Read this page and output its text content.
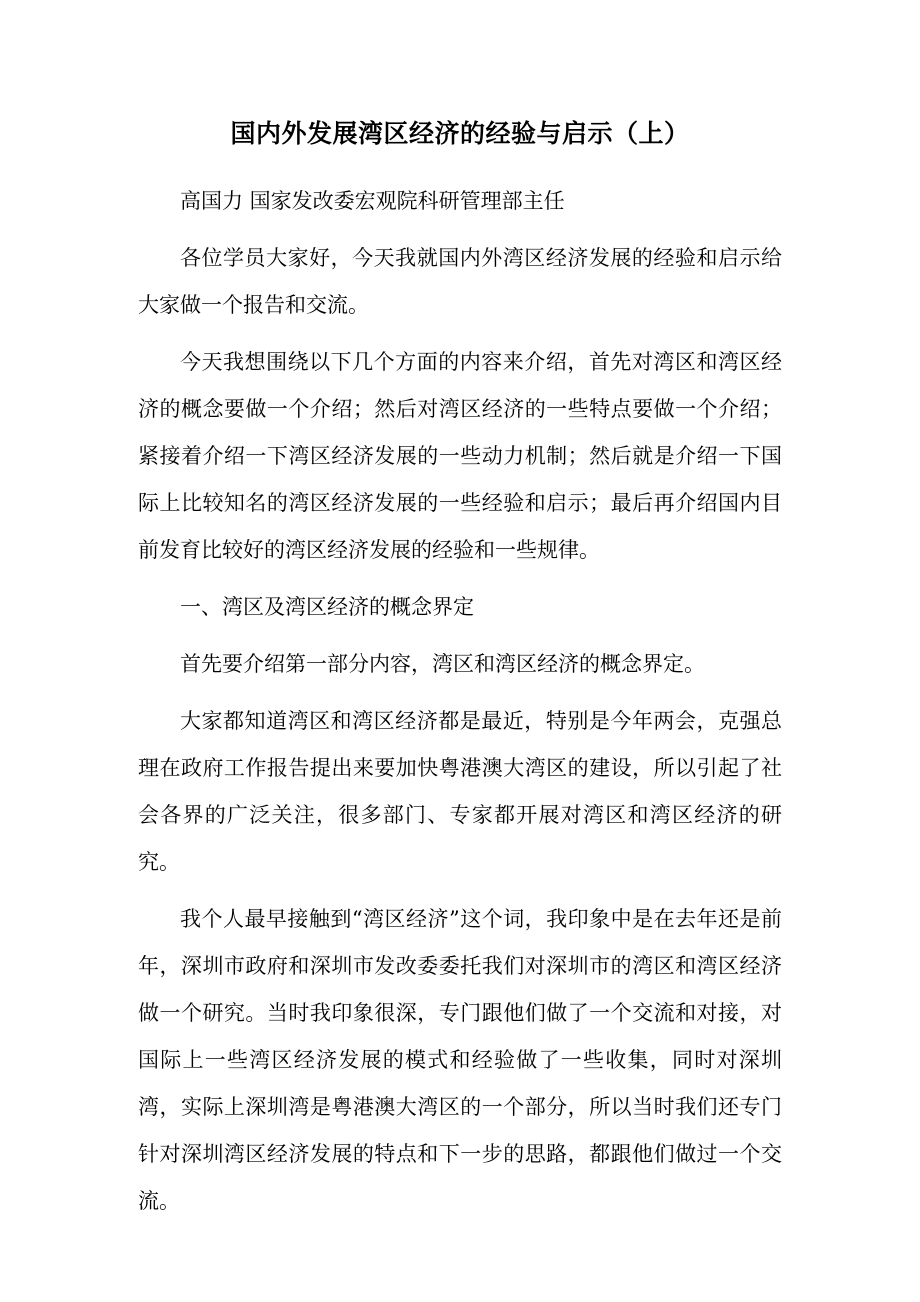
国内外发展湾区经济的经验与启示（上）

高国力 国家发改委宏观院科研管理部主任

各位学员大家好，今天我就国内外湾区经济发展的经验和启示给大家做一个报告和交流。

今天我想围绕以下几个方面的内容来介绍，首先对湾区和湾区经济的概念要做一个介绍；然后对湾区经济的一些特点要做一个介绍；紧接着介绍一下湾区经济发展的一些动力机制；然后就是介绍一下国际上比较知名的湾区经济发展的一些经验和启示；最后再介绍国内目前发育比较好的湾区经济发展的经验和一些规律。

一、湾区及湾区经济的概念界定

首先要介绍第一部分内容，湾区和湾区经济的概念界定。

大家都知道湾区和湾区经济都是最近，特别是今年两会，克强总理在政府工作报告提出来要加快粤港澳大湾区的建设，所以引起了社会各界的广泛关注，很多部门、专家都开展对湾区和湾区经济的研究。

我个人最早接触到“湾区经济”这个词，我印象中是在去年还是前年，深圳市政府和深圳市发改委委托我们对深圳市的湾区和湾区经济做一个研究。当时我印象很深，专门跟他们做了一个交流和对接，对国际上一些湾区经济发展的模式和经验做了一些收集，同时对深圳湾，实际上深圳湾是粤港澳大湾区的一个部分，所以当时我们还专门针对深圳湾区经济发展的特点和下一步的思路，都跟他们做过一个交流。
